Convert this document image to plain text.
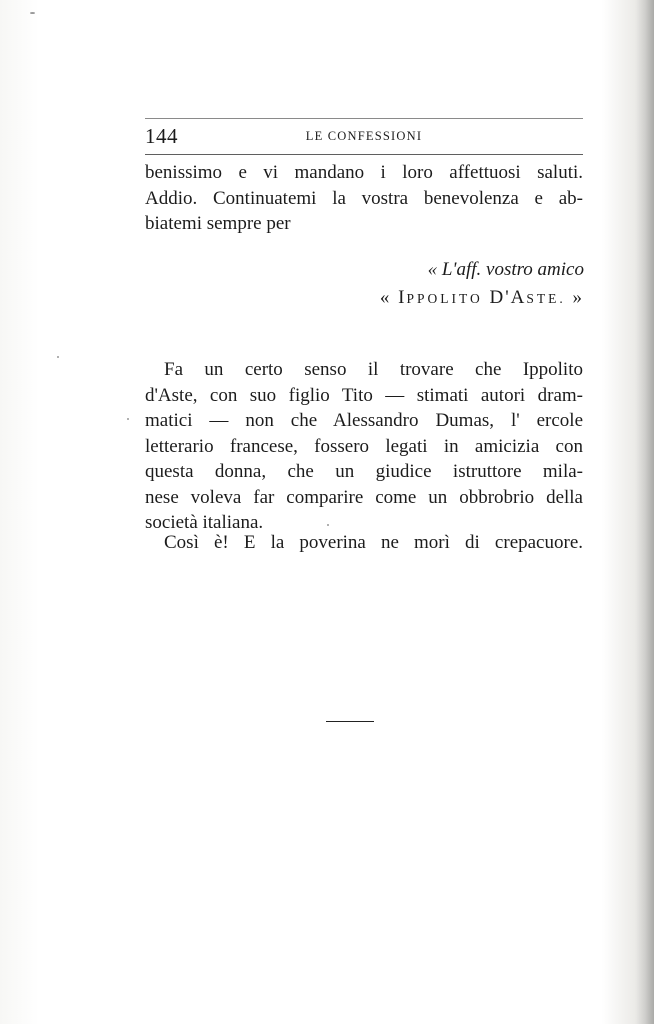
144	LE CONFESSIONI
benissimo e vi mandano i loro affettuosi saluti.
Addio. Continuatemi la vostra benevolenza e ab-
biatemi sempre per
« L'aff. vostro amico
« IPPOLITO D'ASTE. »
Fa un certo senso il trovare che Ippolito
d'Aste, con suo figlio Tito — stimati autori dram-
matici — non che Alessandro Dumas, l' ercole
letterario francese, fossero legati in amicizia con
questa donna, che un giudice istruttore mila-
nese voleva far comparire come un obbrobrio della
società italiana.
Così è! E la poverina ne morì di crepacuore.
